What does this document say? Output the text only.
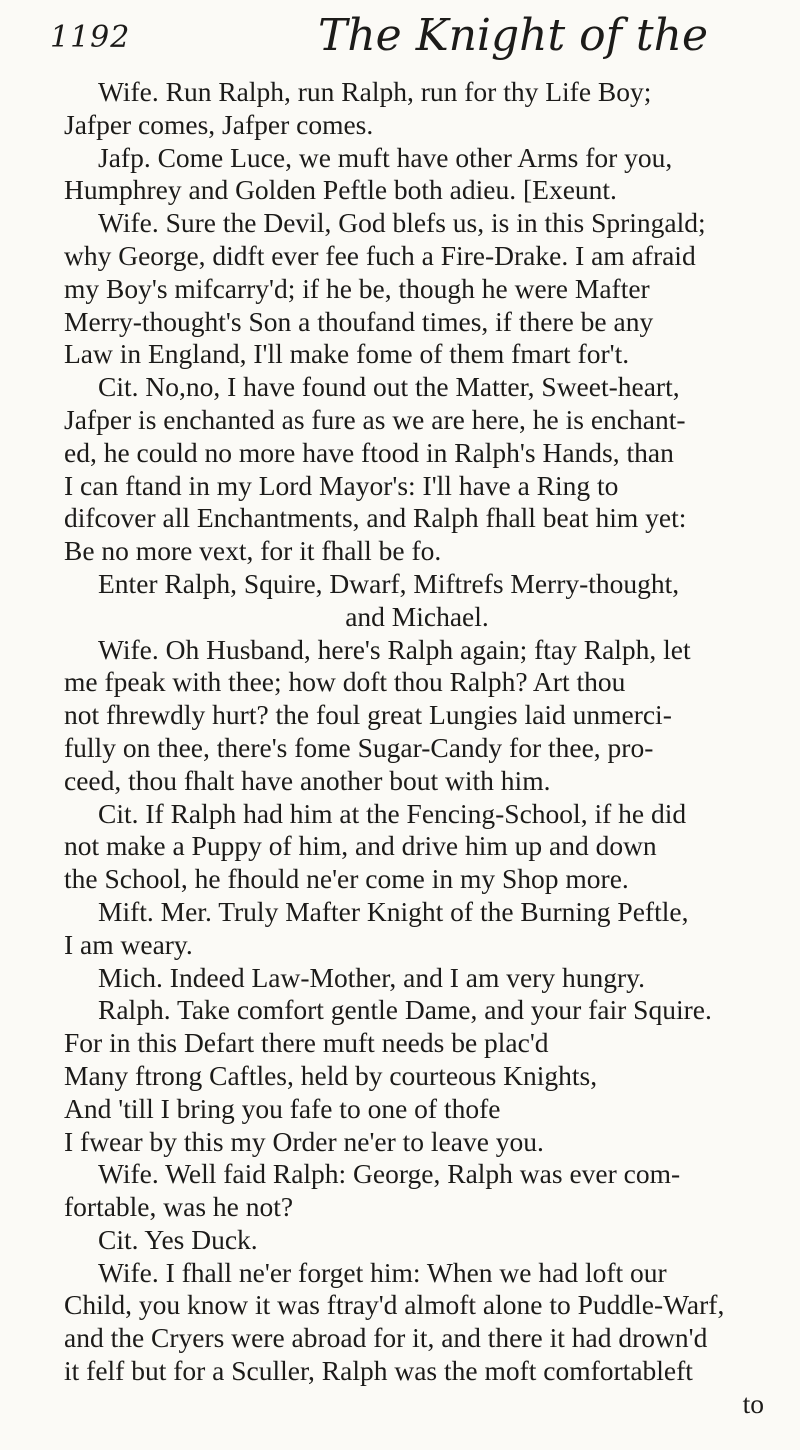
1192	The Knight of the
Wife. Run Ralph, run Ralph, run for thy Life Boy;
Jafper comes, Jafper comes.
Jafp. Come Luce, we muft have other Arms for you,
Humphrey and Golden Peftle both adieu. [Exeunt.
Wife. Sure the Devil, God blefs us, is in this Springald;
why George, didft ever fee fuch a Fire-Drake. I am afraid
my Boy's mifcarry'd; if he be, though he were Mafter
Merry-thought's Son a thoufand times, if there be any
Law in England, I'll make fome of them fmart for't.
Cit. No,no, I have found out the Matter, Sweet-heart,
Jafper is enchanted as fure as we are here, he is enchant-
ed, he could no more have ftood in Ralph's Hands, than
I can ftand in my Lord Mayor's: I'll have a Ring to
difcover all Enchantments, and Ralph fhall beat him yet:
Be no more vext, for it fhall be fo.
Enter Ralph, Squire, Dwarf, Miftrefs Merry-thought,
and Michael.
Wife. Oh Husband, here's Ralph again; ftay Ralph, let
me fpeak with thee; how doft thou Ralph? Art thou
not fhrewdly hurt? the foul great Lungies laid unmerci-
fully on thee, there's fome Sugar-Candy for thee, pro-
ceed, thou fhalt have another bout with him.
Cit. If Ralph had him at the Fencing-School, if he did
not make a Puppy of him, and drive him up and down
the School, he fhould ne'er come in my Shop more.
Mift. Mer. Truly Mafter Knight of the Burning Peftle,
I am weary.
Mich. Indeed Law-Mother, and I am very hungry.
Ralph. Take comfort gentle Dame, and your fair Squire.
For in this Defart there muft needs be plac'd
Many ftrong Caftles, held by courteous Knights,
And 'till I bring you fafe to one of thofe
I fwear by this my Order ne'er to leave you.
Wife. Well faid Ralph: George, Ralph was ever com-
fortable, was he not?
Cit. Yes Duck.
Wife. I fhall ne'er forget him: When we had loft our
Child, you know it was ftray'd almoft alone to Puddle-Warf,
and the Cryers were abroad for it, and there it had drown'd
it felf but for a Sculler, Ralph was the moft comfortableft
to
